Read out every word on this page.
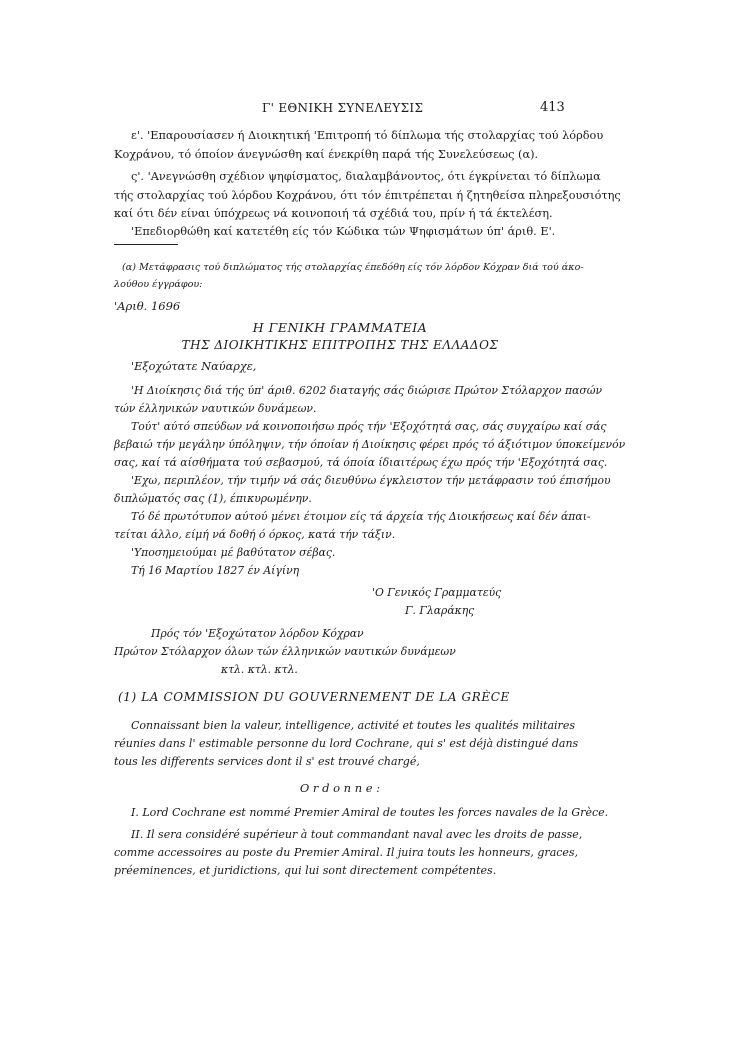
Γ' ΕΘΝΙΚΗ ΣΥΝΕΛΕΥΣΙΣ	413
ε'. 'Επαρουσίασεν ή Διοικητική 'Επιτροπή τό δίπλωμα τής στολαρχίας τού λόρδου
Κοχράνου, τό όποίον άνεγνώσθη καί ένεκρίθη παρά τής Συνελεύσεως (α).
ς'. 'Ανεγνώσθη σχέδιον ψηφίσματος, διαλαμβάνοντος, ότι έγκρίνεται τό δίπλωμα
τής στολαρχίας τού λόρδου Κοχράνου, ότι τόν έπιτρέπεται ή ζητηθείσα πληρεξουσιότης
καί ότι δέν είναι ύπόχρεως νά κοινοποιή τά σχέδιά του, πρίν ή τά έκτελέση.
'Επεδιορθώθη καί κατετέθη είς τόν Κώδικα τών Ψηφισμάτων ύπ' άριθ. Ε'.
(α) Μετάφρασις τού διπλώματος τής στολαρχίας έπεδόθη είς τόν λόρδον Κόχραν διά τού άκο-
λούθου έγγράφου:
'Αριθ. 1696
Η ΓΕΝΙΚΗ ΓΡΑΜΜΑΤΕΙΑ
ΤΗΣ ΔΙΟΙΚΗΤΙΚΗΣ ΕΠΙΤΡΟΠΗΣ ΤΗΣ ΕΛΛΑΔΟΣ
'Εξοχώτατε Ναύαρχε,
'Η Διοίκησις διά τής ύπ' άριθ. 6202 διαταγής σάς διώρισε Πρώτον Στόλαρχον πασών
τών έλληνικών ναυτικών δυνάμεων.
Τούτ' αύτό σπεύδων νά κοινοποιήσω πρός τήν 'Εξοχότητά σας, σάς συγχαίρω καί σάς
βεβαιώ τήν μεγάλην ύπόληψιν, τήν όποίαν ή Διοίκησις φέρει πρός τό άξιότιμον ύποκείμενόν
σας, καί τά αίσθήματα τού σεβασμού, τά όποία ίδιαιτέρως έχω πρός τήν 'Εξοχότητά σας.
'Εχω, περιπλέον, τήν τιμήν νά σάς διευθύνω έγκλειστον τήν μετάφρασιν τού έπισήμου
διπλώματός σας (1), έπικυρωμένην.
Τό δέ πρωτότυπον αύτού μένει έτοιμον είς τά άρχεία τής Διοικήσεως καί δέν άπαι-
τείται άλλο, είμή νά δοθή ό όρκος, κατά τήν τάξιν.
'Υποσημειούμαι μέ βαθύτατον σέβας.
Τή 16 Μαρτίου 1827 έν Αίγίνη
'Ο Γενικός Γραμματεύς
Γ. Γλαράκης
Πρός τόν 'Εξοχώτατον λόρδον Κόχραν
Πρώτον Στόλαρχον όλων τών έλληνικών ναυτικών δυνάμεων
κτλ. κτλ. κτλ.
(1) LA COMMISSION DU GOUVERNEMENT DE LA GRÈCE
Connaissant bien la valeur, intelligence, activité et toutes les qualités militaires
réunies dans l' estimable personne du lord Cochrane, qui s' est déjà distingué dans
tous les differents services dont il s' est trouvé chargé,
O r d o n n e :
I. Lord Cochrane est nommé Premier Amiral de toutes les forces navales de la Grèce.
II. Il sera considéré supérieur à tout commandant naval avec les droits de passe,
comme accessoires au poste du Premier Amiral. Il juira touts les honneurs, graces,
préeminences, et juridictions, qui lui sont directement compétentes.
